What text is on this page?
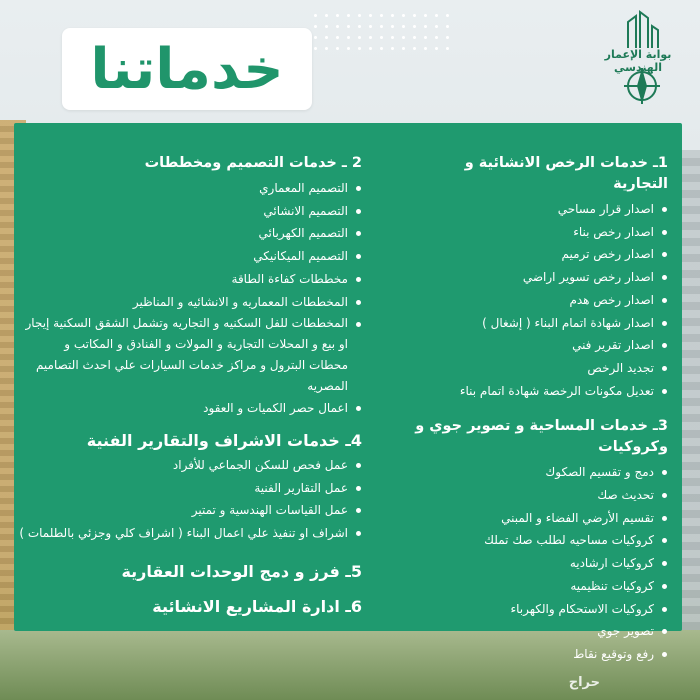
خدماتنا	بوابة الإعمار الهندسي
1ـ خدمات الرخص الانشائية و التجارية
اصدار قرار مساحي
اصدار رخص بناء
اصدار رخص ترميم
اصدار رخص تسوير اراضي
اصدار رخص هدم
اصدار شهادة اتمام البناء ( إشغال )
اصدار تقرير فني
تجديد الرخص
تعديل مكونات الرخصة شهادة اتمام بناء
3ـ خدمات المساحية و تصوير جوي و وكروكيات
دمج و تقسيم الصكوك
تحديث صك
تقسيم الأرضي الفضاء و المبني
كروكيات مساحيه لطلب صك تملك
كروكيات ارشاديه
كروكيات تنظيميه
كروكيات الاستحكام والكهرباء
تصوير جوي
رفع وتوقيع نقاط
2 ـ خدمات التصميم ومخططات
التصميم المعماري
التصميم الانشائي
التصميم الكهربائي
التصميم الميكانيكي
مخططات كفاءة الطاقة
المخططات المعماريه و الانشائيه و المناظير
المخططات للفل السكنيه و التجاريه وتشمل الشقق السكنية إيجار او بيع و المحلات التجارية و المولات و الفنادق و المكاتب و محطات البترول و مراكز خدمات السيارات علي احدث التصاميم المصريه
اعمال حصر الكميات و العقود
4ـ خدمات الاشراف والتقارير الفنية
عمل فحص للسكن الجماعي للأفراد
عمل التقارير الفنية
عمل القياسات الهندسية و تمتير
اشراف او تنفيذ علي اعمال البناء ( اشراف كلي وجزئي بالطلمات )
5ـ فرز و دمج الوحدات العقارية
6ـ ادارة المشاريع الانشائية
حراج
